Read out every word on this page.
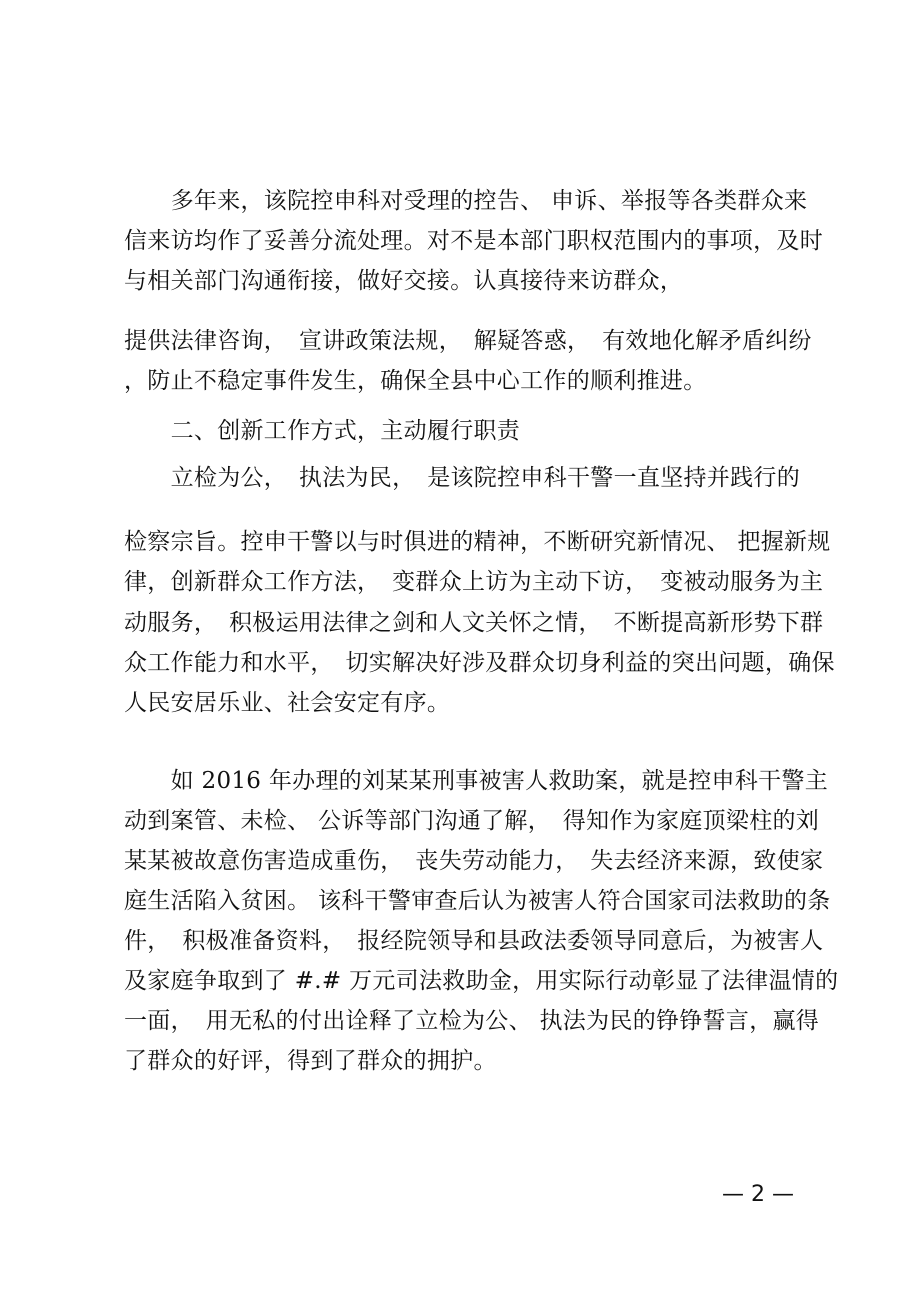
　　多年来，该院控申科对受理的控告、 申诉、举报等各类群众来
信来访均作了妥善分流处理。对不是本部门职权范围内的事项，及时
与相关部门沟通衔接，做好交接。认真接待来访群众，
提供法律咨询，　宣讲政策法规，　解疑答惑，　有效地化解矛盾纠纷
，防止不稳定事件发生，确保全县中心工作的顺利推进。
　　二、创新工作方式，主动履行职责
　　立检为公，　执法为民，　是该院控申科干警一直坚持并践行的
检察宗旨。控申干警以与时俱进的精神，不断研究新情况、 把握新规
律，创新群众工作方法，　变群众上访为主动下访，　变被动服务为主
动服务，　积极运用法律之剑和人文关怀之情，　不断提高新形势下群
众工作能力和水平，　切实解决好涉及群众切身利益的突出问题，确保
人民安居乐业、社会安定有序。
　　如 2016 年办理的刘某某刑事被害人救助案，就是控申科干警主
动到案管、未检、 公诉等部门沟通了解，　得知作为家庭顶梁柱的刘
某某被故意伤害造成重伤，　丧失劳动能力，　失去经济来源，致使家
庭生活陷入贫困。 该科干警审查后认为被害人符合国家司法救助的条
件，　积极准备资料，　报经院领导和县政法委领导同意后，为被害人
及家庭争取到了 #.# 万元司法救助金，用实际行动彰显了法律温情的
一面，　用无私的付出诠释了立检为公、 执法为民的铮铮誓言，赢得
了群众的好评，得到了群众的拥护。
— 2 —
